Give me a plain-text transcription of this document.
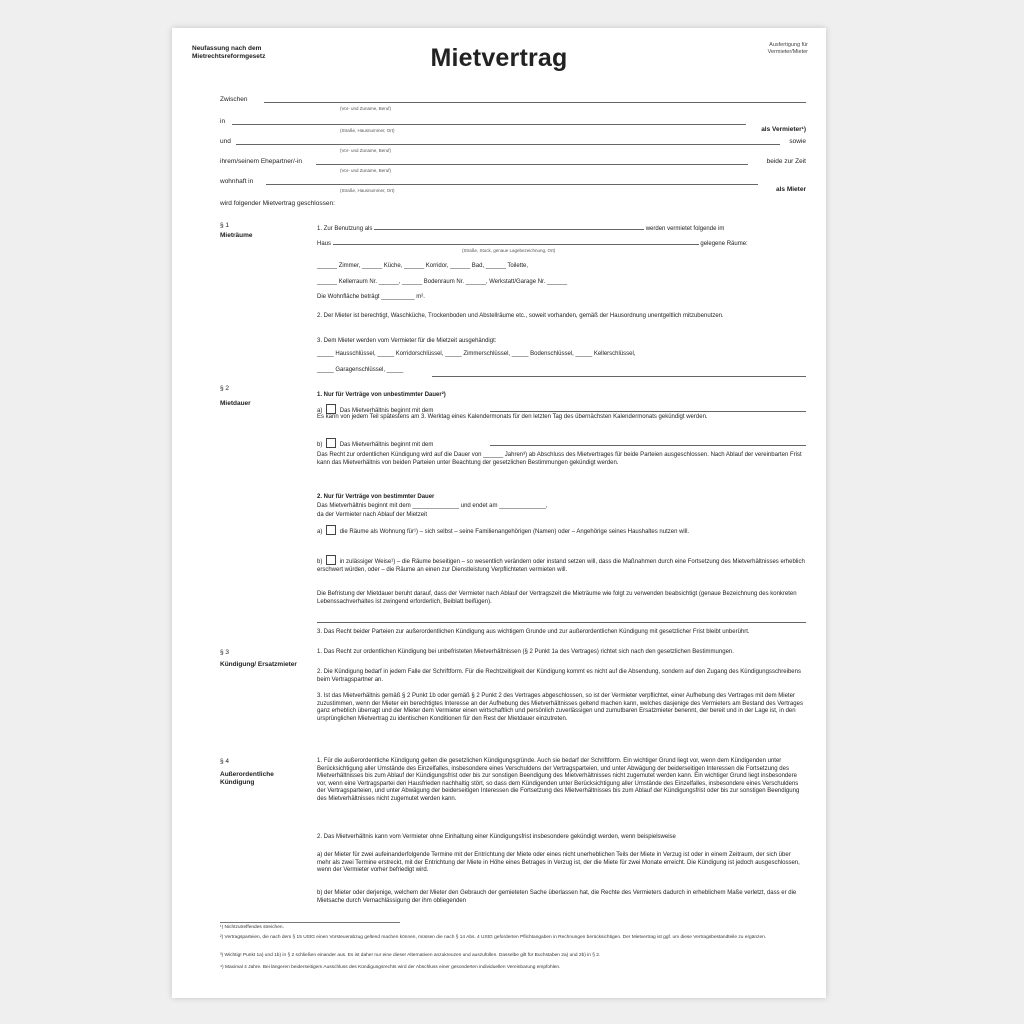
Neufassung nach dem Mietrechtsreformgesetz	Mietvertrag	Ausfertigung für Vermieter/Mieter
Zwischen
(Vor- und Zuname, Beruf)
in
(Straße, Hausnummer, Ort)	als Vermieter¹)
und
(Vor- und Zuname, Beruf)
sowie
ihrem/seinem Ehepartner/-in
(Vor- und Zuname, Beruf)
beide zur Zeit
wohnhaft in
(Straße, Hausnummer, Ort)	als Mieter
wird folgender Mietvertrag geschlossen:
§ 1
Mieträume
1. Zur Benutzung als	werden vermietet folgende im
Haus	gelegene Räume:
(Straße, Stock, genaue Lagebezeichnung, Ort)
______ Zimmer, ______ Küche, ______ Korridor, ______ Bad, ______ Toilette,
______ Kellerraum Nr. ______, ______ Bodenraum Nr. ______, Werkstatt/Garage Nr. ______
Die Wohnfläche beträgt __________ m².
2. Der Mieter ist berechtigt, Waschküche, Trockenboden und Abstellräume etc., soweit vorhanden, gemäß der Hausordnung unentgeltlich mitzubenutzen.
3. Dem Mieter werden vom Vermieter für die Mietzeit ausgehändigt:
_____ Hausschlüssel, _____ Korridorschlüssel, _____ Zimmerschlüssel, _____ Bodenschlüssel, _____ Kellerschlüssel,
_____ Garagenschlüssel, _____
§ 2
Mietdauer
1. Nur für Verträge von unbestimmter Dauer²)
a)	Das Mietverhältnis beginnt mit dem
Es kann von jedem Teil spätestens am 3. Werktag eines Kalendermonats für den letzten Tag des übernächsten Kalendermonats gekündigt werden.
b)	Das Mietverhältnis beginnt mit dem
Das Recht zur ordentlichen Kündigung wird auf die Dauer von ______ Jahren³) ab Abschluss des Mietvertrages für beide Parteien ausgeschlossen. Nach Ablauf der vereinbarten Frist kann das Mietverhältnis von beiden Parteien unter Beachtung der gesetzlichen Bestimmungen gekündigt werden.
2. Nur für Verträge von bestimmter Dauer
Das Mietverhältnis beginnt mit dem ______________ und endet am ______________,
da der Vermieter nach Ablauf der Mietzeit
a)	die Räume als Wohnung für¹) – sich selbst – seine Familienangehörigen (Namen) oder – Angehörige seines Haushaltes nutzen will.
b)	in zulässiger Weise¹) – die Räume beseitigen – so wesentlich verändern oder instand setzen will, dass die Maßnahmen durch eine Fortsetzung des Mietverhältnisses erheblich erschwert würden, oder – die Räume an einen zur Dienstleistung Verpflichteten vermieten will.
Die Befristung der Mietdauer beruht darauf, dass der Vermieter nach Ablauf der Vertragszeit die Mieträume wie folgt zu verwenden beabsichtigt (genaue Bezeichnung des konkreten Lebenssachverhaltes ist zwingend erforderlich, Beiblatt beifügen).
3. Das Recht beider Parteien zur außerordentlichen Kündigung aus wichtigem Grunde und zur außerordentlichen Kündigung mit gesetzlicher Frist bleibt unberührt.
§ 3
Kündigung/ Ersatzmieter
1. Das Recht zur ordentlichen Kündigung bei unbefristeten Mietverhältnissen (§ 2 Punkt 1a des Vertrages) richtet sich nach den gesetzlichen Bestimmungen.
2. Die Kündigung bedarf in jedem Falle der Schriftform. Für die Rechtzeitigkeit der Kündigung kommt es nicht auf die Absendung, sondern auf den Zugang des Kündigungsschreibens beim Vertragspartner an.
3. Ist das Mietverhältnis gemäß § 2 Punkt 1b oder gemäß § 2 Punkt 2 des Vertrages abgeschlossen, so ist der Vermieter verpflichtet, einer Aufhebung des Vertrages mit dem Mieter zuzustimmen, wenn der Mieter ein berechtigtes Interesse an der Aufhebung des Mietverhältnisses geltend machen kann, welches dasjenige des Vermieters am Bestand des Vertrages ganz erheblich überragt und der Mieter dem Vermieter einen wirtschaftlich und persönlich zuverlässigen und zumutbaren Ersatzmieter benennt, der bereit und in der Lage ist, in den ursprünglichen Mietvertrag zu identischen Konditionen für den Rest der Mietdauer einzutreten.
§ 4
Außerordentliche Kündigung
1. Für die außerordentliche Kündigung gelten die gesetzlichen Kündigungsgründe. Auch sie bedarf der Schriftform. Ein wichtiger Grund liegt vor, wenn dem Kündigenden unter Berücksichtigung aller Umstände des Einzelfalles, insbesondere eines Verschuldens der Vertragsparteien, und unter Abwägung der beiderseitigen Interessen die Fortsetzung des Mietverhältnisses bis zum Ablauf der Kündigungsfrist oder bis zur sonstigen Beendigung des Mietverhältnisses nicht zugemutet werden kann. Ein wichtiger Grund liegt insbesondere vor, wenn eine Vertragspartei den Hausfrieden nachhaltig stört, so dass dem Kündigenden unter Berücksichtigung aller Umstände des Einzelfalles, insbesondere eines Verschuldens der Vertragsparteien, und unter Abwägung der beiderseitigen Interessen die Fortsetzung des Mietverhältnisses bis zum Ablauf der Kündigungsfrist oder bis zur sonstigen Beendigung des Mietverhältnisses nicht zugemutet werden kann.
2. Das Mietverhältnis kann vom Vermieter ohne Einhaltung einer Kündigungsfrist insbesondere gekündigt werden, wenn beispielsweise
a) der Mieter für zwei aufeinanderfolgende Termine mit der Entrichtung der Miete oder eines nicht unerheblichen Teils der Miete in Verzug ist oder in einem Zeitraum, der sich über mehr als zwei Termine erstreckt, mit der Entrichtung der Miete in Höhe eines Betrages in Verzug ist, der die Miete für zwei Monate erreicht. Die Kündigung ist jedoch ausgeschlossen, wenn der Vermieter vorher befriedigt wird.
b) der Mieter oder derjenige, welchem der Mieter den Gebrauch der gemieteten Sache überlassen hat, die Rechte des Vermieters dadurch in erheblichem Maße verletzt, dass er die Mietsache durch Vernachlässigung der ihm obliegenden
¹) Nichtzutreffendes streichen.
²) Vertragsparteien, die nach dem § 15 UStG einen Vorsteuerabzug geltend machen können, müssen die nach § 14 Abs. 4 UStG geforderten Pflichtangaben in Rechnungen berücksichtigen. Der Mietvertrag ist ggf. um diese Vertragsbestandteile zu ergänzen.
³) Wichtig! Punkt 1a) und 1b) in § 2 schließen einander aus. Es ist daher nur eine dieser Alternativen anzukreuzen und auszufüllen. Dasselbe gilt für Buchstaben 2a) und 2b) in § 2.
⁴) Maximal 4 Jahre. Bei längeren beiderseitigem Ausschluss des Kündigungsrechts wird der Abschluss einer gesonderten individuellen Vereinbarung empfohlen.
